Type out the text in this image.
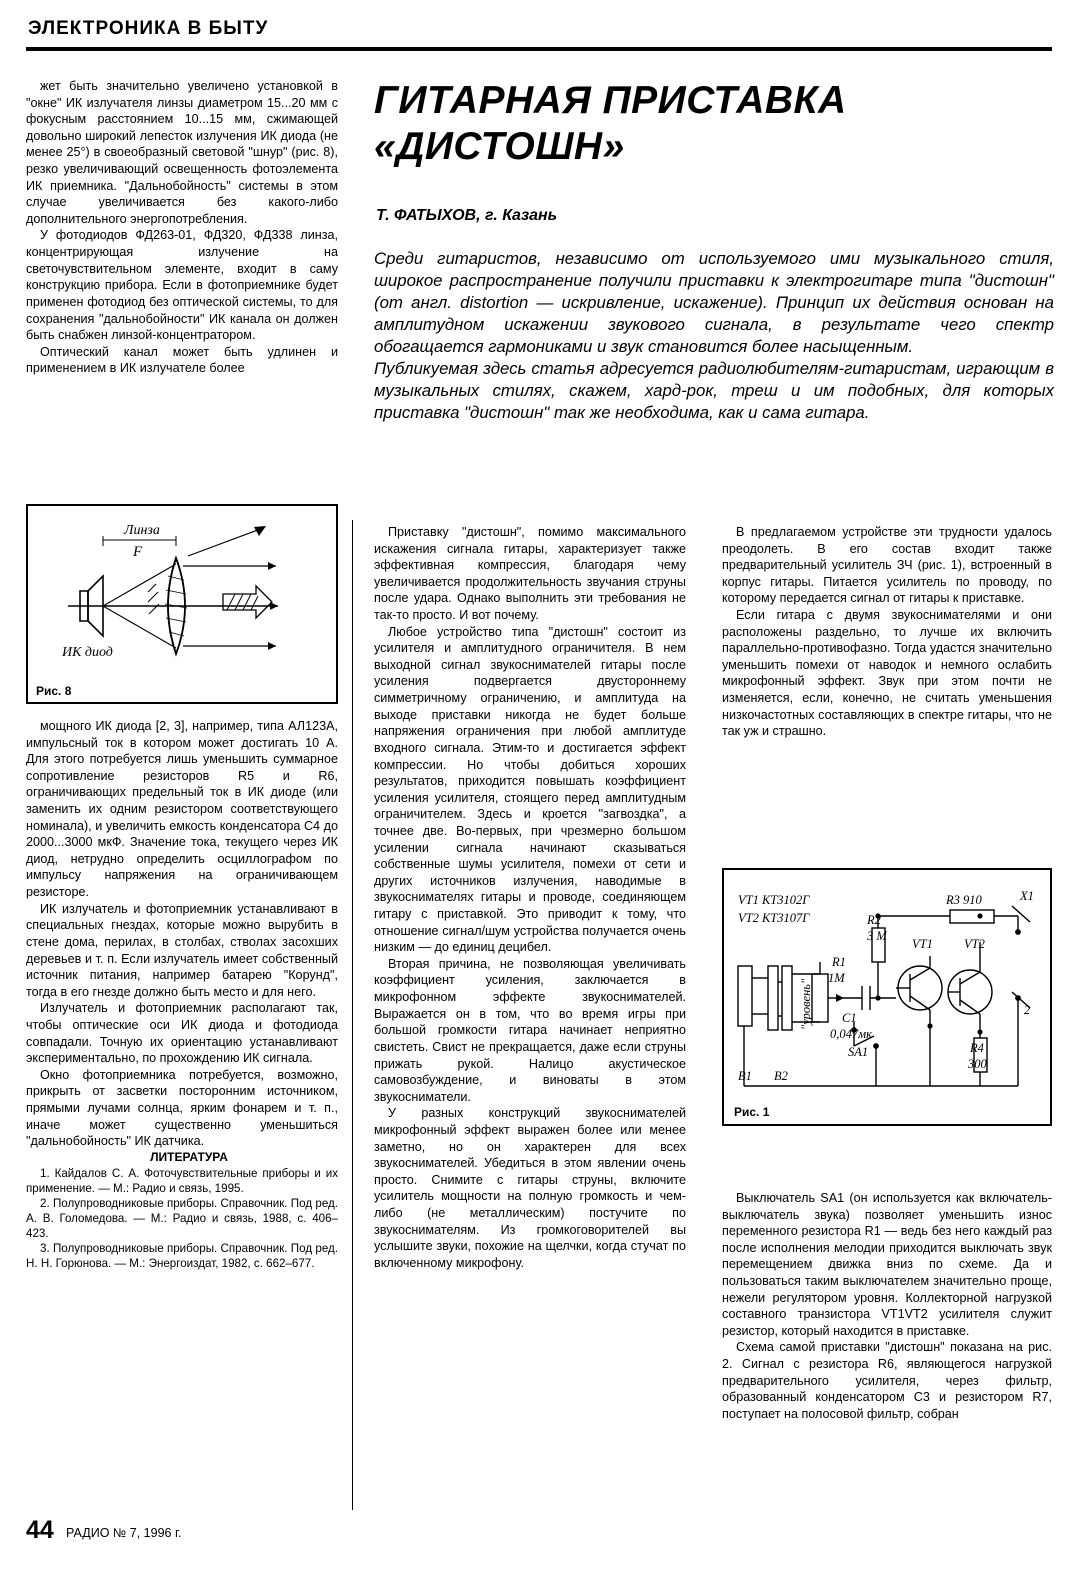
ЭЛЕКТРОНИКА В БЫТУ

жет быть значительно увеличено установкой в "окне" ИК излучателя линзы диаметром 15...20 мм с фокусным расстоянием 10...15 мм, сжимающей довольно широкий лепесток излучения ИК диода (не менее 25°) в своеобразный световой "шнур" (рис. 8), резко увеличивающий освещенность фотоэлемента ИК приемника. "Дальнобойность" системы в этом случае увеличивается без какого-либо дополнительного энергопотребления.

У фотодиодов ФД263-01, ФД320, ФД338 линза, концентрирующая излучение на светочувствительном элементе, входит в саму конструкцию прибора. Если в фотоприемнике будет применен фотодиод без оптической системы, то для сохранения "дальнобойности" ИК канала он должен быть снабжен линзой-концентратором.

Оптический канал может быть удлинен и применением в ИК излучателе более

Линза
F
ИК диод
Рис. 8

мощного ИК диода [2, 3], например, типа АЛ123А, импульсный ток в котором может достигать 10 А. Для этого потребуется лишь уменьшить суммарное сопротивление резисторов R5 и R6, ограничивающих предельный ток в ИК диоде (или заменить их одним резистором соответствующего номинала), и увеличить емкость конденсатора С4 до 2000...3000 мкФ. Значение тока, текущего через ИК диод, нетрудно определить осциллографом по импульсу напряжения на ограничивающем резисторе.

ИК излучатель и фотоприемник устанавливают в специальных гнездах, которые можно вырубить в стене дома, перилах, в столбах, стволах засохших деревьев и т. п. Если излучатель имеет собственный источник питания, например батарею "Корунд", тогда в его гнезде должно быть место и для него.

Излучатель и фотоприемник располагают так, чтобы оптические оси ИК диода и фотодиода совпадали. Точную их ориентацию устанавливают экспериментально, по прохождению ИК сигнала.

Окно фотоприемника потребуется, возможно, прикрыть от засветки посторонним источником, прямыми лучами солнца, ярким фонарем и т. п., иначе может существенно уменьшиться "дальнобойность" ИК датчика.

ЛИТЕРАТУРА

1. Кайдалов С. А. Фоточувствительные приборы и их применение. — М.: Радио и связь, 1995.

2. Полупроводниковые приборы. Справочник. Под ред. А. В. Голомедова. — М.: Радио и связь, 1988, с. 406– 423.

3. Полупроводниковые приборы. Справочник. Под ред. Н. Н. Горюнова. — М.: Энергоиздат, 1982, с. 662–677.

ГИТАРНАЯ ПРИСТАВКА
«ДИСТОШН»
Т. ФАТЫХОВ, г. Казань

Среди гитаристов, независимо от используемого ими музыкального стиля, широкое распространение получили приставки к электрогитаре типа "дистошн" (от англ. distortion — искривление, искажение). Принцип их действия основан на амплитудном искажении звукового сигнала, в результате чего спектр обогащается гармониками и звук становится более насыщенным.

Публикуемая здесь статья адресуется радиолюбителям-гитаристам, играющим в музыкальных стилях, скажем, хард-рок, треш и им подобных, для которых приставка "дистошн" так же необходима, как и сама гитара.

Приставку "дистошн", помимо максимального искажения сигнала гитары, характеризует также эффективная компрессия, благодаря чему увеличивается продолжительность звучания струны после удара. Однако выполнить эти требования не так-то просто. И вот почему.

Любое устройство типа "дистошн" состоит из усилителя и амплитудного ограничителя. В нем выходной сигнал звукоснимателей гитары после усиления подвергается двустороннему симметричному ограничению, и амплитуда на выходе приставки никогда не будет больше напряжения ограничения при любой амплитуде входного сигнала. Этим-то и достигается эффект компрессии. Но чтобы добиться хороших результатов, приходится повышать коэффициент усиления усилителя, стоящего перед амплитудным ограничителем. Здесь и кроется "загвоздка", а точнее две. Во-первых, при чрезмерно большом усилении сигнала начинают сказываться собственные шумы усилителя, помехи от сети и других источников излучения, наводимые в звукоснимателях гитары и проводе, соединяющем гитару с приставкой. Это приводит к тому, что отношение сигнал/шум устройства получается очень низким — до единиц децибел.

Вторая причина, не позволяющая увеличивать коэффициент усиления, заключается в микрофонном эффекте звукоснимателей. Выражается он в том, что во время игры при большой громкости гитара начинает неприятно свистеть. Свист не прекращается, даже если струны прижать рукой. Налицо акустическое самовозбуждение, и виноваты в этом звукосниматели.

У разных конструкций звукоснимателей микрофонный эффект выражен более или менее заметно, но он характерен для всех звукоснимателей. Убедиться в этом явлении очень просто. Снимите с гитары струны, включите усилитель мощности на полную громкость и чем-либо (не металлическим) постучите по звукоснимателям. Из громкоговорителей вы услышите звуки, похожие на щелчки, когда стучат по включенному микрофону.

В предлагаемом устройстве эти трудности удалось преодолеть. В его состав входит также предварительный усилитель ЗЧ (рис. 1), встроенный в корпус гитары. Питается усилитель по проводу, по которому передается сигнал от гитары к приставке.

Если гитара с двумя звукоснимателями и они расположены раздельно, то лучше их включить параллельно-противофазно. Тогда удастся значительно уменьшить помехи от наводок и немного ослабить микрофонный эффект. Звук при этом почти не изменяется, если, конечно, не считать уменьшения низкочастотных составляющих в спектре гитары, что не так уж и страшно.

VT1 КТ3102Г
VT2 КТ3107Г
R3 910	X1
R2
3 М
R1
1М
VT1 VT2
C1
0,047мк
SA1	R4
300
B1 B2
2
"уровень"
Рис. 1

Выключатель SA1 (он используется как включатель-выключатель звука) позволяет уменьшить износ переменного резистора R1 — ведь без него каждый раз после исполнения мелодии приходится выключать звук перемещением движка вниз по схеме. Да и пользоваться таким выключателем значительно проще, нежели регулятором уровня. Коллекторной нагрузкой составного транзистора VT1VT2 усилителя служит резистор, который находится в приставке.

Схема самой приставки "дистошн" показана на рис. 2. Сигнал с резистора R6, являющегося нагрузкой предварительного усилителя, через фильтр, образованный конденсатором С3 и резистором R7, поступает на полосовой фильтр, собран

44 РАДИО № 7, 1996 г.
